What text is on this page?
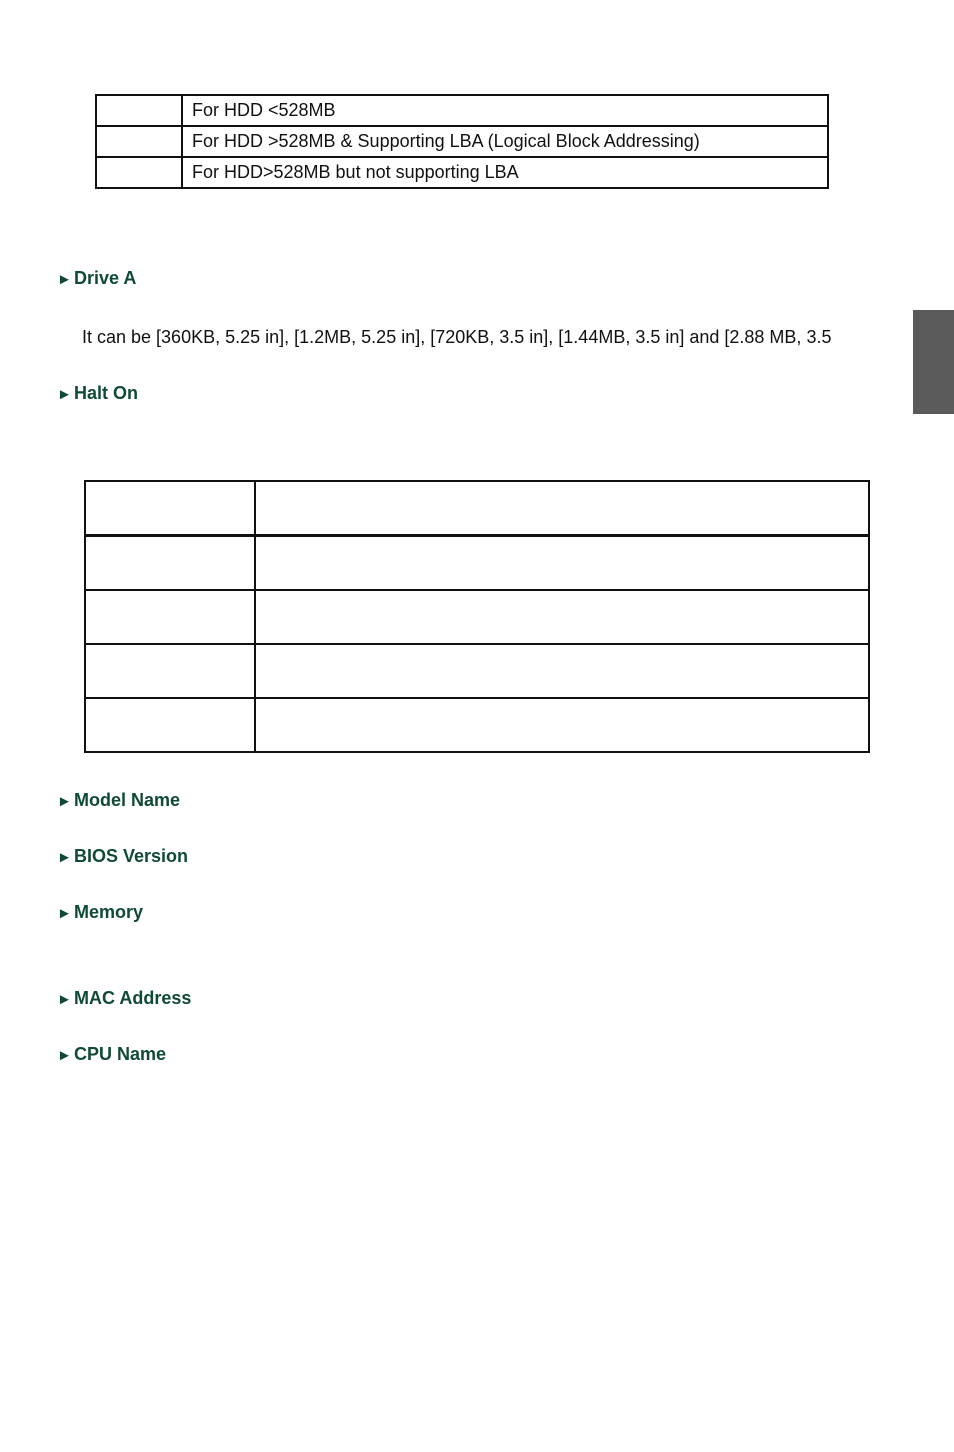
	For HDD <528MB
	For HDD >528MB & Supporting LBA (Logical Block Addressing)
	For HDD>528MB but not supporting LBA
► Drive A
It can be [360KB, 5.25 in], [1.2MB, 5.25 in], [720KB, 3.5 in], [1.44MB, 3.5 in] and [2.88 MB, 3.5
► Halt On

► Model Name
► BIOS Version
► Memory
► MAC Address
► CPU Name
